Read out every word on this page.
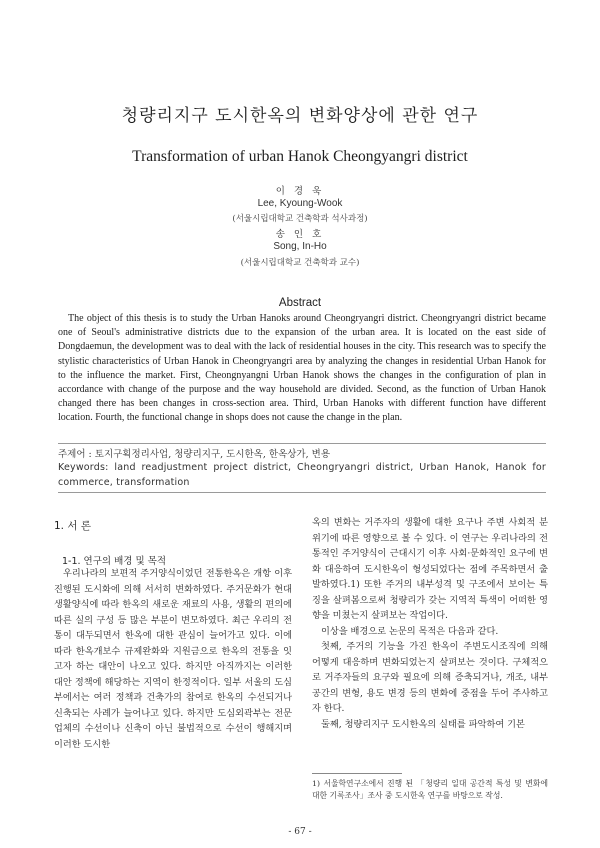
청량리지구 도시한옥의 변화양상에 관한 연구
Transformation of urban Hanok Cheongyangri district
이 경 욱
Lee, Kyoung-Wook
(서울시립대학교 건축학과 석사과정)
송 인 호
Song, In-Ho
(서울시립대학교 건축학과 교수)
Abstract
The object of this thesis is to study the Urban Hanoks around Cheongryangri district. Cheongryangri district became one of Seoul's administrative districts due to the expansion of the urban area. It is located on the east side of Dongdaemun, the development was to deal with the lack of residential houses in the city. This research was to specify the stylistic characteristics of Urban Hanok in Cheongryangri area by analyzing the changes in residential Urban Hanok for to the influence the market. First, Cheongnyangni Urban Hanok shows the changes in the configuration of plan in accordance with change of the purpose and the way household are divided. Second, as the function of Urban Hanok changed there has been changes in cross-section area. Third, Urban Hanoks with different function have different location. Fourth, the functional change in shops does not cause the change in the plan.
주제어 : 토지구획정리사업, 청량리지구, 도시한옥, 한옥상가, 변용
Keywords: land readjustment project district, Cheongryangri district, Urban Hanok, Hanok for commerce, transformation
1. 서 론
1-1. 연구의 배경 및 목적

우리나라의 보편적 주거양식이었던 전통한옥은 개항 이후 진행된 도시화에 의해 서서히 변화하였다. 주거문화가 현대 생활양식에 따라 한옥의 새로운 재료의 사용, 생활의 편의에 따른 실의 구성 등 많은 부분이 변모하였다. 최근 우리의 전통이 대두되면서 한옥에 대한 관심이 늘어가고 있다. 이에 따라 한옥개보수 규제완화와 지원금으로 한옥의 전통을 잇고자 하는 대안이 나오고 있다. 하지만 아직까지는 이러한 대안 정책에 해당하는 지역이 한정적이다. 일부 서울의 도심부에서는 여러 정책과 건축가의 참여로 한옥의 수선되거나 신축되는 사례가 늘어나고 있다. 하지만 도심외곽부는 전문 업체의 수선이나 신축이 아닌 불법적으로 수선이 행해지며 이러한 도시한

옥의 변화는 거주자의 생활에 대한 요구나 주변 사회적 분위기에 따른 영향으로 볼 수 있다. 이 연구는 우리나라의 전통적인 주거양식이 근대시기 이후 사회·문화적인 요구에 변화 대응하여 도시한옥이 형성되었다는 점에 주목하면서 출발하였다.1) 또한 주거의 내부성격 및 구조에서 보이는 특징을 살펴봄으로써 청량리가 갖는 지역적 특색이 어떠한 영향을 미쳤는지 살펴보는 작업이다.

이상을 배경으로 논문의 목적은 다음과 같다.

첫째, 주거의 기능을 가진 한옥이 주변도시조직에 의해 어떻게 대응하며 변화되었는지 살펴보는 것이다. 구체적으로 거주자들의 요구와 필요에 의해 증축되거나, 개조, 내부공간의 변형, 용도 변경 등의 변화에 중점을 두어 주사하고자 한다.

둘째, 청량리지구 도시한옥의 실태를 파악하여 기본

1) 서울학연구소에서 진행 된 「청량리 일대 공간적 특성 및 변화에 대한 기록조사」조사 중 도시한옥 연구를 바탕으로 작성.
- 67 -
